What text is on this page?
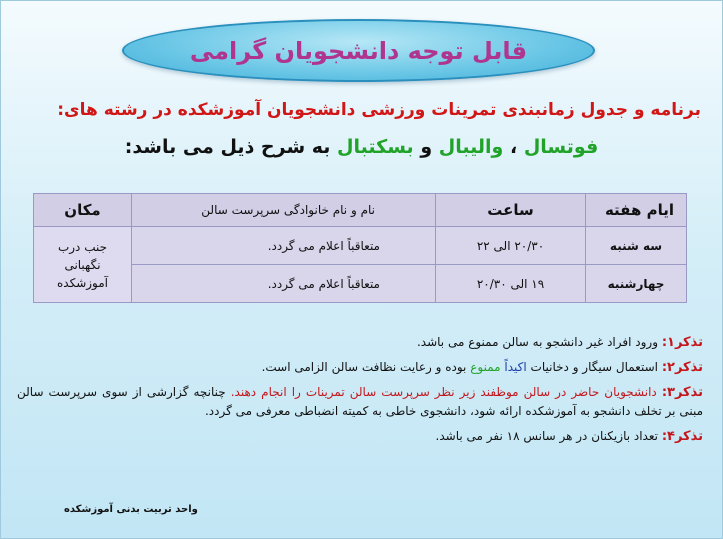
قابل توجه دانشجویان گرامی
برنامه و جدول زمانبندی تمرینات ورزشی دانشجویان آموزشکده در رشته های:
فوتسال ، والیبال و بسکتبال به شرح ذیل می باشد:
ایام هفته	ساعت	نام و نام خانوادگی سرپرست سالن	مکان
سه شنبه	۲۰/۳۰ الی ۲۲	متعاقباً اعلام می گردد.	جنب درب
نگهبانی
آموزشکده

چهارشنبه	۱۹ الی ۲۰/۳۰	متعاقباً اعلام می گردد.	

تذکر۱: ورود افراد غیر دانشجو به سالن ممنوع می باشد.

تذکر۲: استعمال سیگار و دخانیات اکیداً ممنوع بوده و رعایت نظافت سالن الزامی است.

تذکر۳: دانشجویان حاضر در سالن موظفند زیر نظر سرپرست سالن تمرینات را انجام دهند. چنانچه گزارشی از سوی سرپرست سالن مبنی بر تخلف دانشجو به آموزشکده ارائه شود، دانشجوی خاطی به کمیته انضباطی معرفی می گردد.

تذکر۴: تعداد بازیکنان در هر سانس ۱۸ نفر می باشد.

واحد تربیت بدنی آموزشکده
